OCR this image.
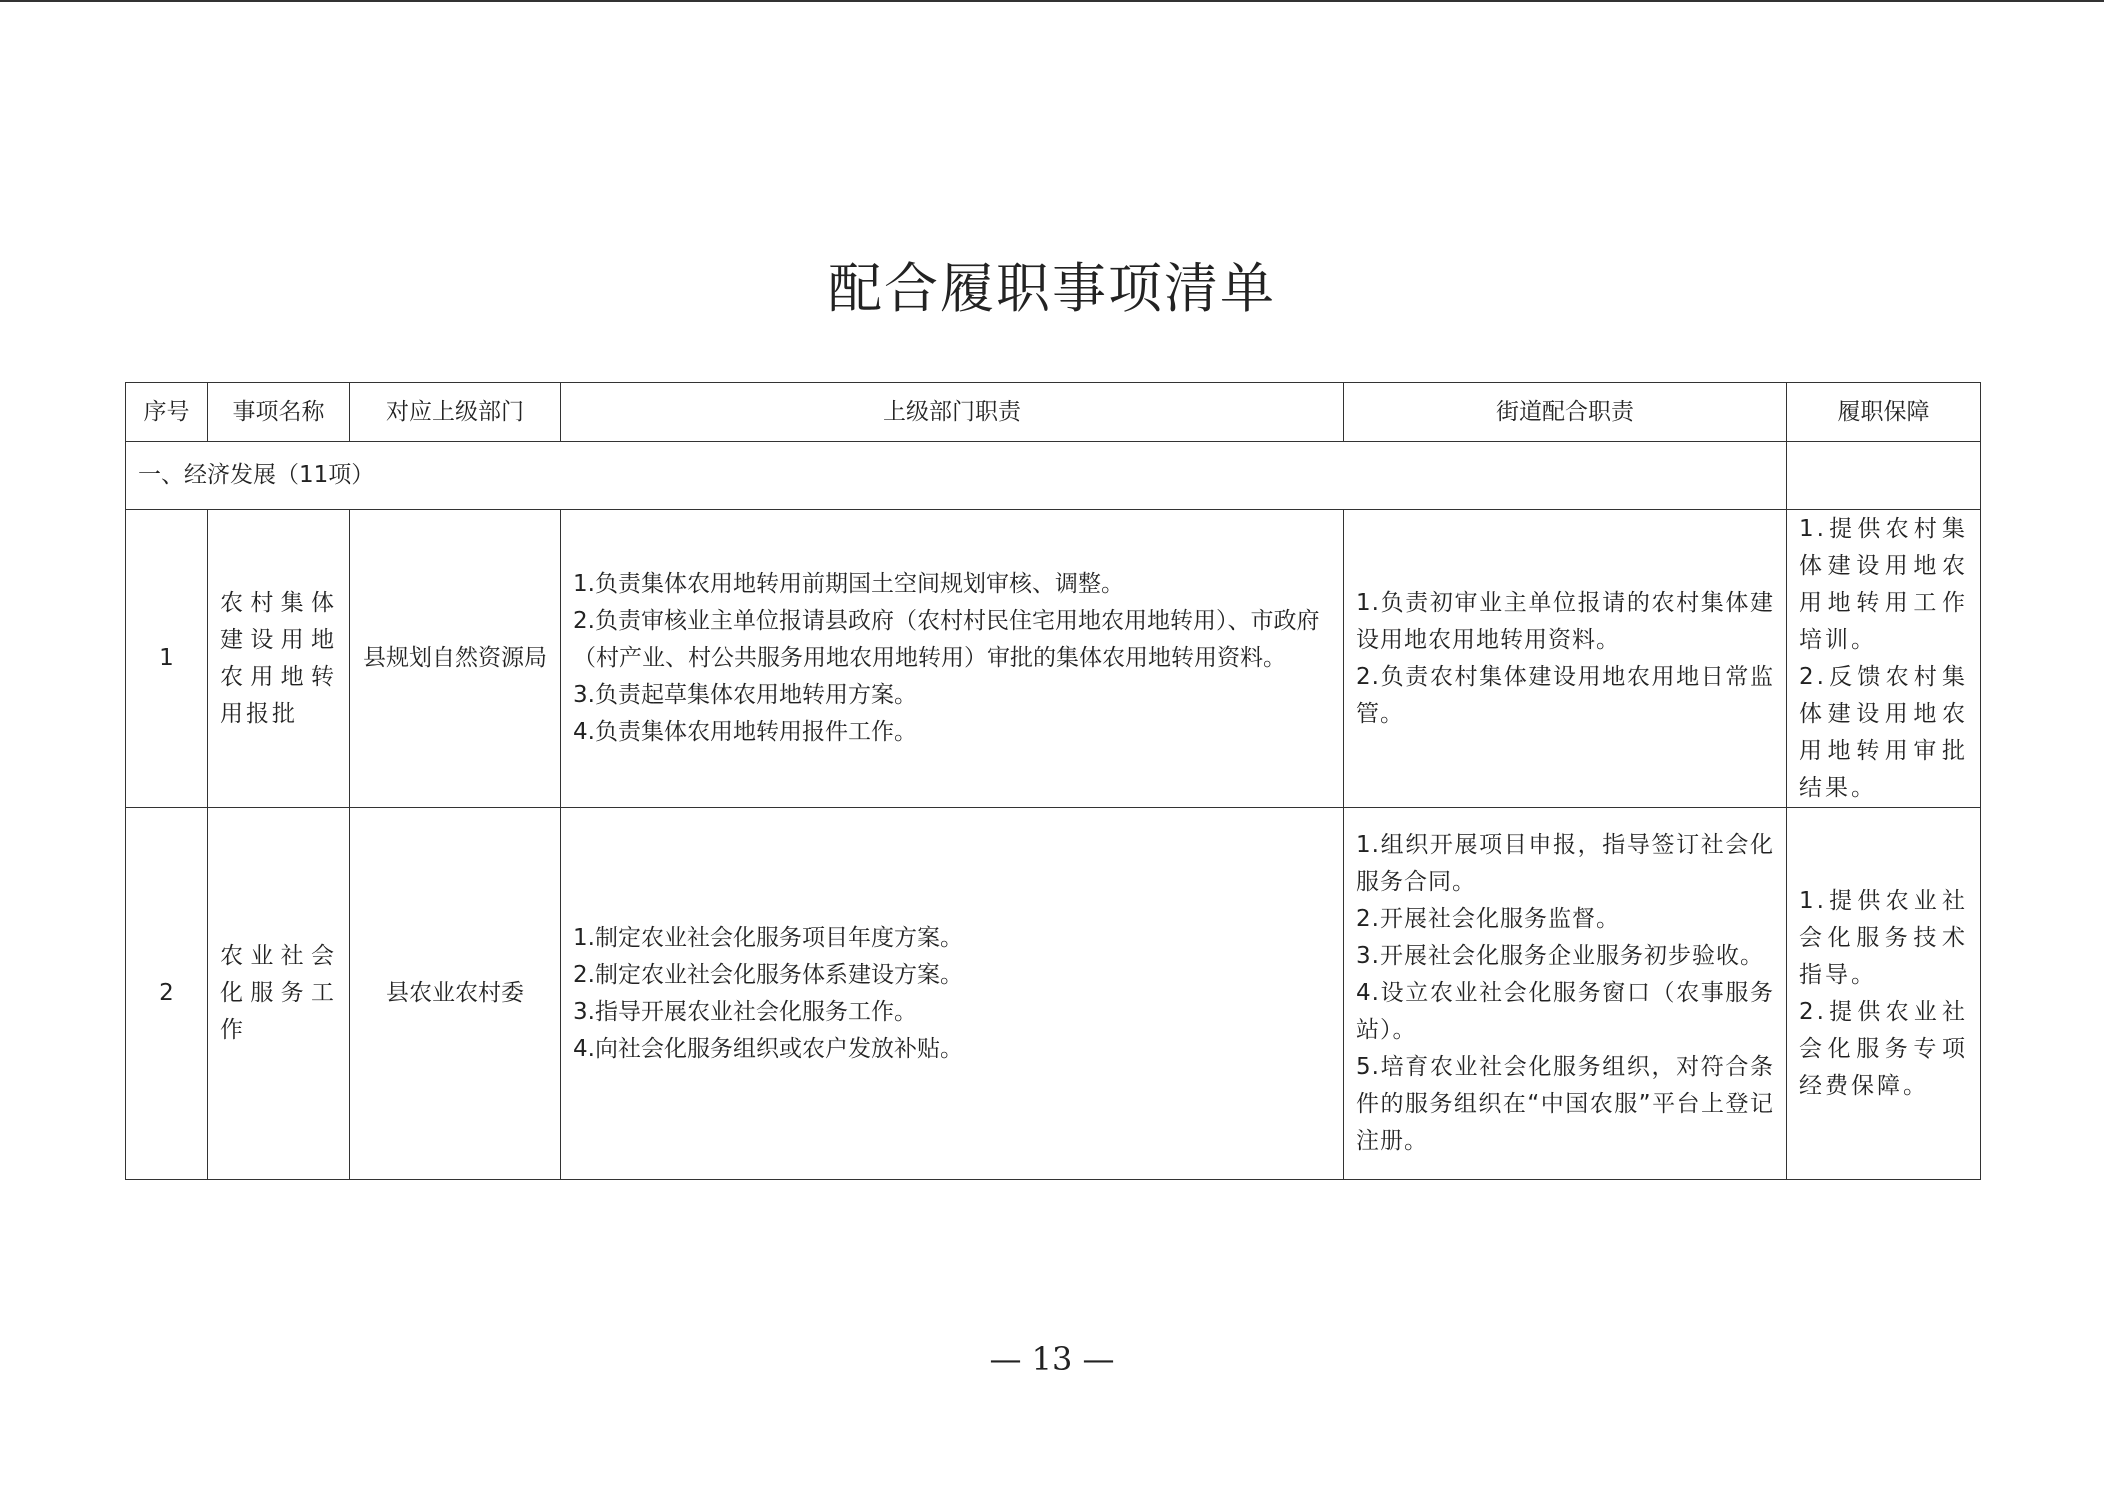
配合履职事项清单
序号	事项名称	对应上级部门	上级部门职责	街道配合职责	履职保障
一、经济发展（11项）					
1	农村集体建设用地农用地转用报批	县规划自然资源局	1.负责集体农用地转用前期国土空间规划审核、调整。
2.负责审核业主单位报请县政府（农村村民住宅用地农用地转用）、市政府（村产业、村公共服务用地农用地转用）审批的集体农用地转用资料。
3.负责起草集体农用地转用方案。
4.负责集体农用地转用报件工作。	1.负责初审业主单位报请的农村集体建设用地农用地转用资料。
2.负责农村集体建设用地农用地日常监管。	1.提供农村集体建设用地农用地转用工作培训。
2.反馈农村集体建设用地农用地转用审批结果。

2	农业社会化服务工作	县农业农村委	1.制定农业社会化服务项目年度方案。
2.制定农业社会化服务体系建设方案。
3.指导开展农业社会化服务工作。
4.向社会化服务组织或农户发放补贴。	1.组织开展项目申报，指导签订社会化服务合同。
2.开展社会化服务监督。
3.开展社会化服务企业服务初步验收。
4.设立农业社会化服务窗口（农事服务站）。
5.培育农业社会化服务组织，对符合条件的服务组织在“中国农服”平台上登记注册。	1.提供农业社会化服务技术指导。
2.提供农业社会化服务专项经费保障。
— 13 —
